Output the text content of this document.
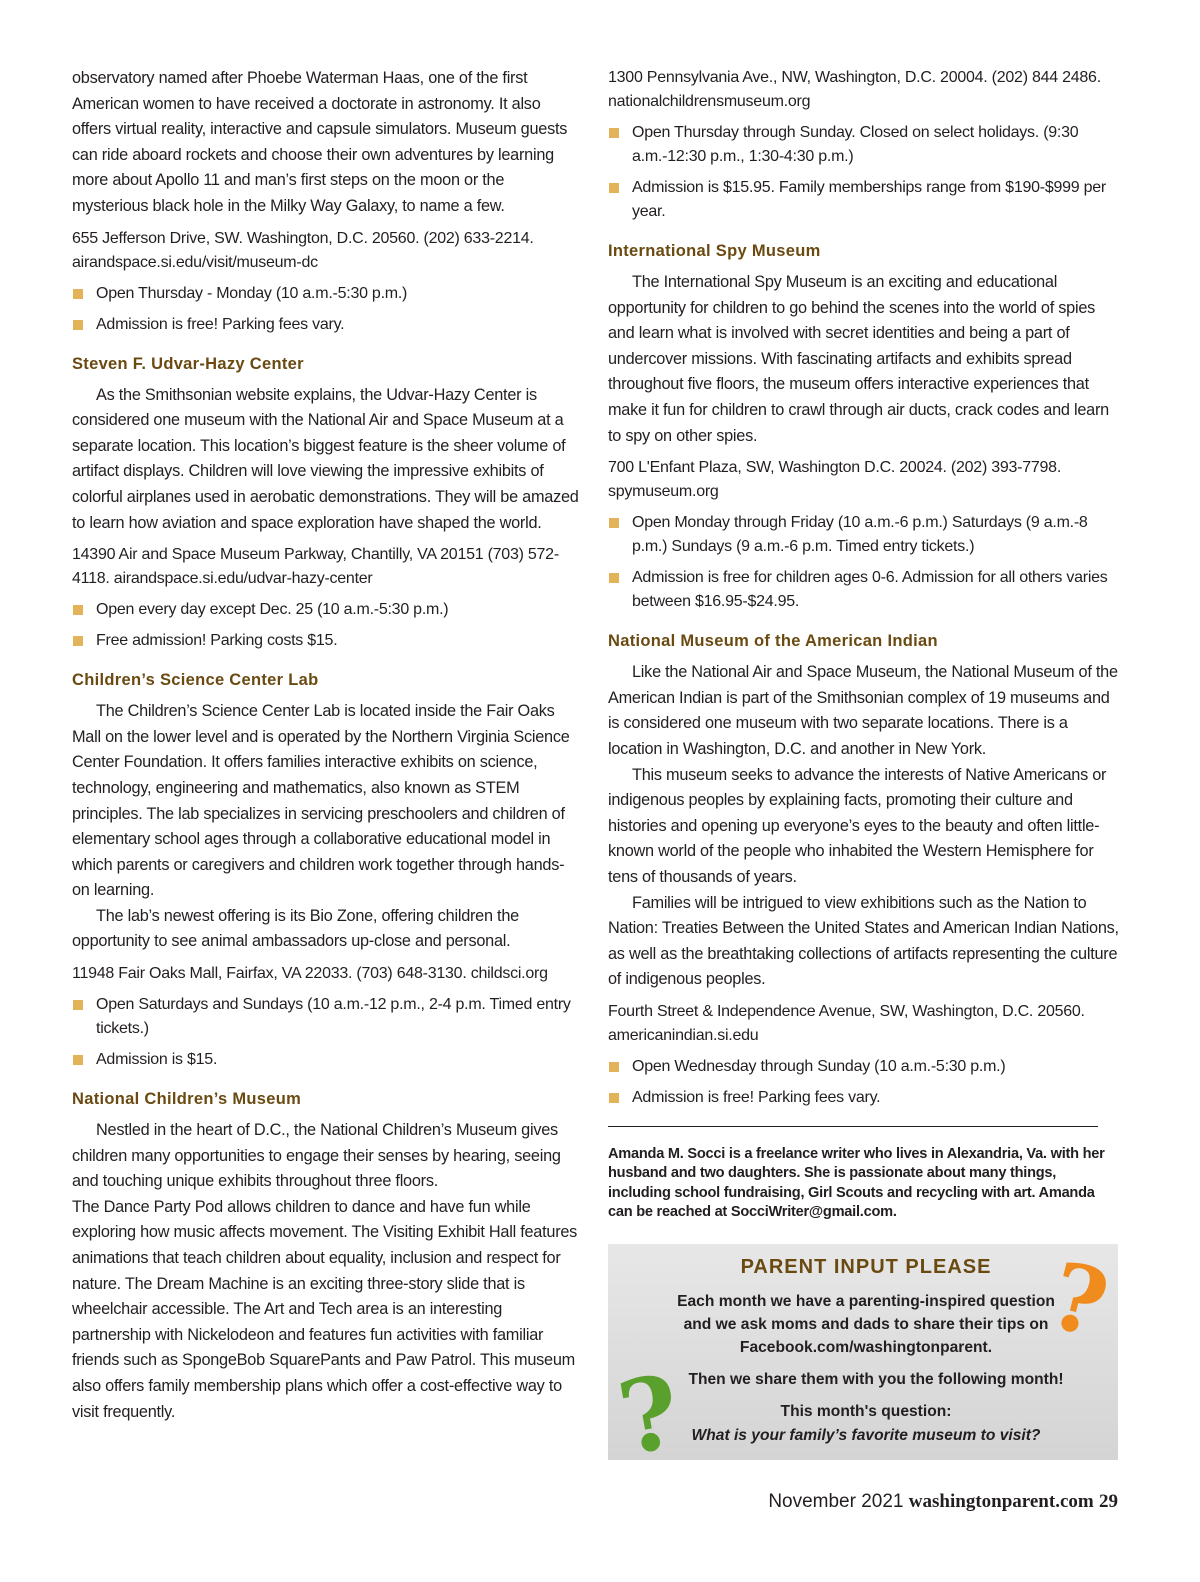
observatory named after Phoebe Waterman Haas, one of the first American women to have received a doctorate in astronomy. It also offers virtual reality, interactive and capsule simulators. Museum guests can ride aboard rockets and choose their own adventures by learning more about Apollo 11 and man’s first steps on the moon or the mysterious black hole in the Milky Way Galaxy, to name a few.

655 Jefferson Drive, SW. Washington, D.C. 20560. (202) 633-2214. airandspace.si.edu/visit/museum-dc

Open Thursday - Monday (10 a.m.-5:30 p.m.)
Admission is free! Parking fees vary.
Steven F. Udvar-Hazy Center

As the Smithsonian website explains, the Udvar-Hazy Center is considered one museum with the National Air and Space Museum at a separate location. This location’s biggest feature is the sheer volume of artifact displays. Children will love viewing the impressive exhibits of colorful airplanes used in aerobatic demonstrations. They will be amazed to learn how aviation and space exploration have shaped the world.

14390 Air and Space Museum Parkway, Chantilly, VA 20151 (703) 572-4118. airandspace.si.edu/udvar-hazy-center

Open every day except Dec. 25 (10 a.m.-5:30 p.m.)
Free admission! Parking costs $15.
Children’s Science Center Lab

The Children’s Science Center Lab is located inside the Fair Oaks Mall on the lower level and is operated by the Northern Virginia Science Center Foundation. It offers families interactive exhibits on science, technology, engineering and mathematics, also known as STEM principles. The lab specializes in servicing preschoolers and children of elementary school ages through a collaborative educational model in which parents or caregivers and children work together through hands-on learning.

The lab’s newest offering is its Bio Zone, offering children the opportunity to see animal ambassadors up-close and personal.

11948 Fair Oaks Mall, Fairfax, VA 22033. (703) 648-3130. childsci.org

Open Saturdays and Sundays (10 a.m.-12 p.m., 2-4 p.m. Timed entry tickets.)
Admission is $15.
National Children’s Museum

Nestled in the heart of D.C., the National Children’s Museum gives children many opportunities to engage their senses by hearing, seeing and touching unique exhibits throughout three floors.

The Dance Party Pod allows children to dance and have fun while exploring how music affects movement. The Visiting Exhibit Hall features animations that teach children about equality, inclusion and respect for nature. The Dream Machine is an exciting three-story slide that is wheelchair accessible. The Art and Tech area is an interesting partnership with Nickelodeon and features fun activities with familiar friends such as SpongeBob SquarePants and Paw Patrol. This museum also offers family membership plans which offer a cost-effective way to visit frequently.

1300 Pennsylvania Ave., NW, Washington, D.C. 20004. (202) 844 2486. nationalchildrensmuseum.org

Open Thursday through Sunday. Closed on select holidays. (9:30 a.m.-12:30 p.m., 1:30-4:30 p.m.)
Admission is $15.95. Family memberships range from $190-$999 per year.
International Spy Museum

The International Spy Museum is an exciting and educational opportunity for children to go behind the scenes into the world of spies and learn what is involved with secret identities and being a part of undercover missions. With fascinating artifacts and exhibits spread throughout five floors, the museum offers interactive experiences that make it fun for children to crawl through air ducts, crack codes and learn to spy on other spies.

700 L'Enfant Plaza, SW, Washington D.C. 20024. (202) 393-7798. spymuseum.org

Open Monday through Friday (10 a.m.-6 p.m.) Saturdays (9 a.m.-8 p.m.) Sundays (9 a.m.-6 p.m. Timed entry tickets.)
Admission is free for children ages 0-6. Admission for all others varies between $16.95-$24.95.
National Museum of the American Indian

Like the National Air and Space Museum, the National Museum of the American Indian is part of the Smithsonian complex of 19 museums and is considered one museum with two separate locations. There is a location in Washington, D.C. and another in New York.

This museum seeks to advance the interests of Native Americans or indigenous peoples by explaining facts, promoting their culture and histories and opening up everyone’s eyes to the beauty and often little-known world of the people who inhabited the Western Hemisphere for tens of thousands of years.

Families will be intrigued to view exhibitions such as the Nation to Nation: Treaties Between the United States and American Indian Nations, as well as the breathtaking collections of artifacts representing the culture of indigenous peoples.

Fourth Street & Independence Avenue, SW, Washington, D.C. 20560. americanindian.si.edu

Open Wednesday through Sunday (10 a.m.-5:30 p.m.)
Admission is free! Parking fees vary.

Amanda M. Socci is a freelance writer who lives in Alexandria, Va. with her husband and two daughters. She is passionate about many things, including school fundraising, Girl Scouts and recycling with art. Amanda can be reached at SocciWriter@gmail.com.

PARENT INPUT PLEASE
Each month we have a parenting-inspired question
and we ask moms and dads to share their tips on
Facebook.com/washingtonparent.
Then we share them with you the following month!
This month's question:
What is your family’s favorite museum to visit?
?
?
November 2021 washingtonparent.com 29
